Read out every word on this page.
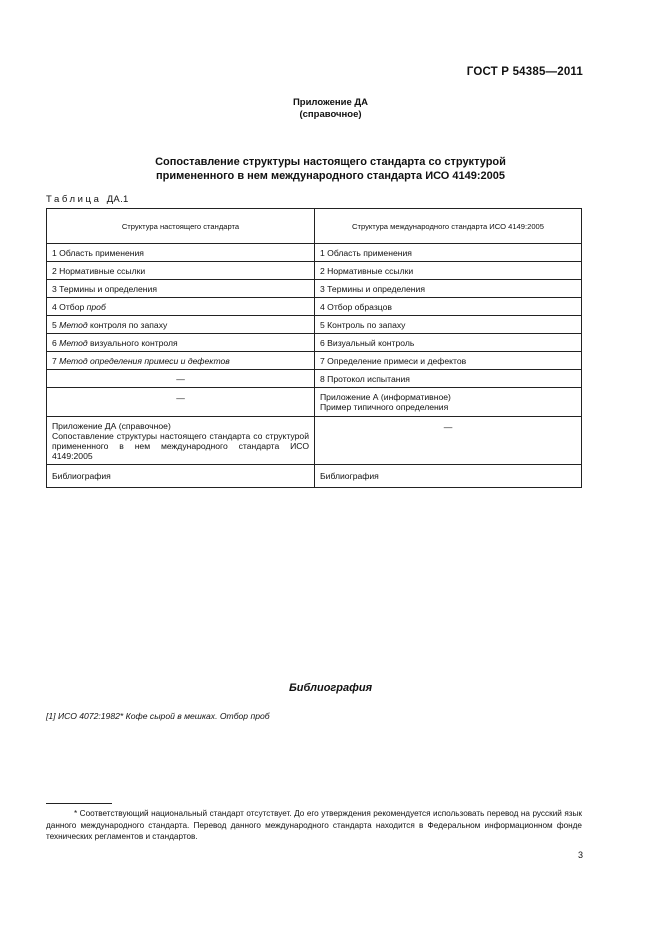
ГОСТ Р 54385—2011
Приложение ДА
(справочное)
Сопоставление структуры настоящего стандарта со структурой
примененного в нем международного стандарта ИСО 4149:2005
Таблица ДА.1
Структура настоящего стандарта	Структура международного стандарта ИСО 4149:2005
1 Область применения	1 Область применения
2 Нормативные ссылки	2 Нормативные ссылки
3 Термины и определения	3 Термины и определения
4 Отбор проб	4 Отбор образцов
5 Метод контроля по запаху	5 Контроль по запаху
6 Метод визуального контроля	6 Визуальный контроль
7 Метод определения примеси и дефектов	7 Определение примеси и дефектов
—	8 Протокол испытания
—	Приложение А (информативное)
Пример типичного определения

Приложение ДА (справочное)
Сопоставление структуры настоящего стандарта со структурой примененного в нем международного стандарта ИСО 4149:2005	—
Библиография	Библиография
Библиография
[1] ИСО 4072:1982* Кофе сырой в мешках. Отбор проб
* Соответствующий национальный стандарт отсутствует. До его утверждения рекомендуется использовать перевод на русский язык данного международного стандарта. Перевод данного международного стандарта находится в Федеральном информационном фонде технических регламентов и стандартов.
3
